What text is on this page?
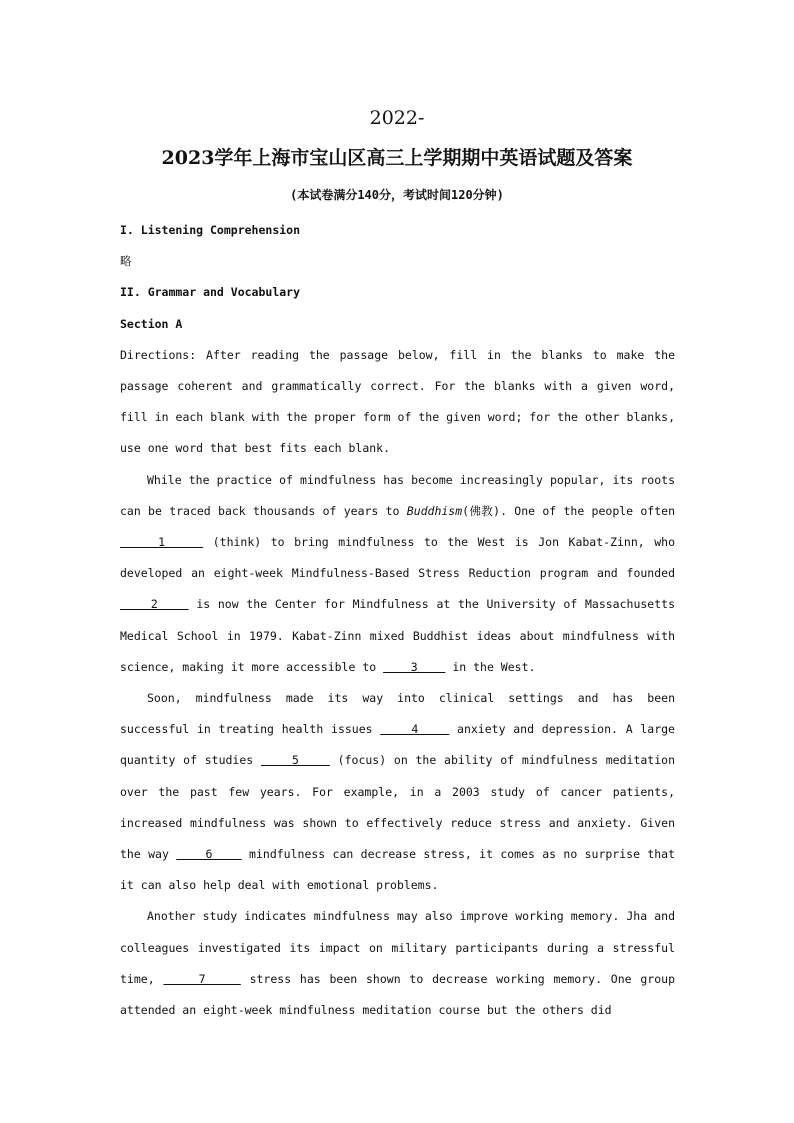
2022-
2023学年上海市宝山区高三上学期期中英语试题及答案
(本试卷满分140分，考试时间120分钟)

I. Listening Comprehension

略

II. Grammar and Vocabulary

Section A

Directions: After reading the passage below, fill in the blanks to make the passage coherent and grammatically correct. For the blanks with a given word, fill in each blank with the proper form of the given word; for the other blanks, use one word that best fits each blank.

While the practice of mindfulness has become increasingly popular, its roots can be traced back thousands of years to Buddhism(佛教). One of the people often     1     (think) to bring mindfulness to the West is Jon Kabat-Zinn, who developed an eight-week Mindfulness-Based Stress Reduction program and founded     2     is now the Center for Mindfulness at the University of Massachusetts Medical School in 1979. Kabat-Zinn mixed Buddhist ideas about mindfulness with science, making it more accessible to     3     in the West.

Soon, mindfulness made its way into clinical settings and has been successful in treating health issues     4     anxiety and depression. A large quantity of studies     5     (focus) on the ability of mindfulness meditation over the past few years. For example, in a 2003 study of cancer patients, increased mindfulness was shown to effectively reduce stress and anxiety. Given the way     6     mindfulness can decrease stress, it comes as no surprise that it can also help deal with emotional problems.

Another study indicates mindfulness may also improve working memory. Jha and colleagues investigated its impact on military participants during a stressful time,     7     stress has been shown to decrease working memory. One group attended an eight-week mindfulness meditation course but the others did
